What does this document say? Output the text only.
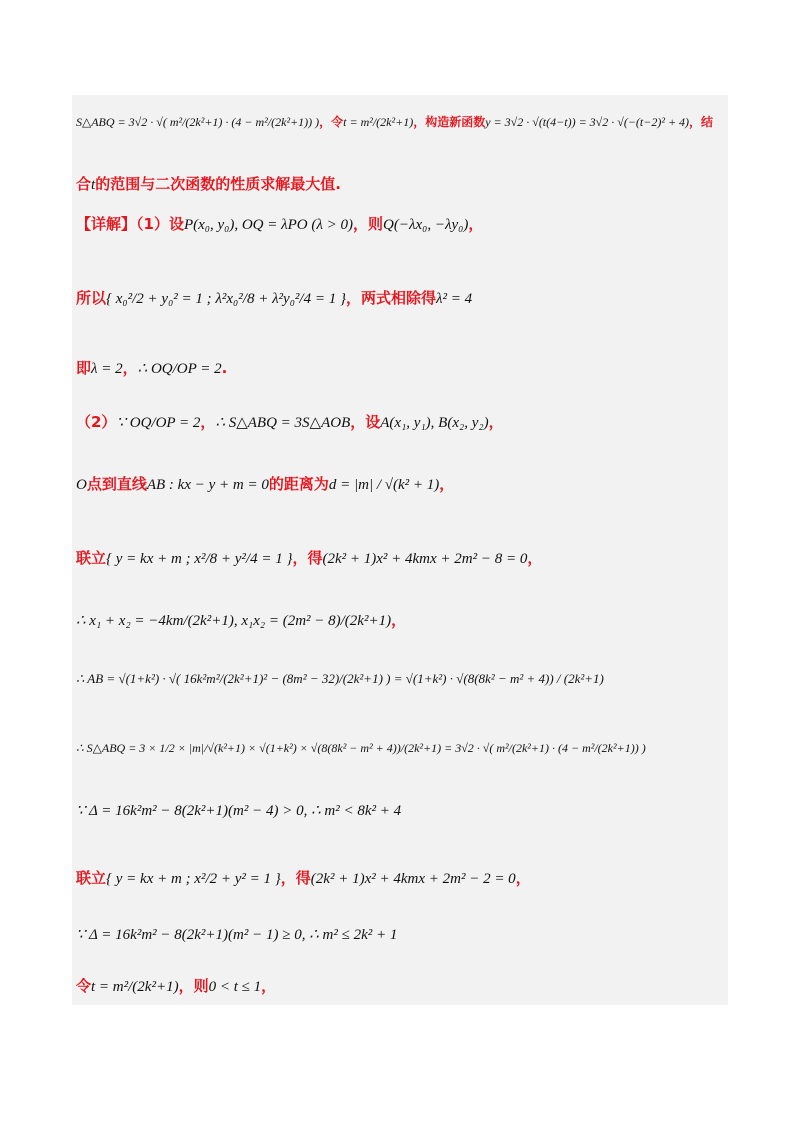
S△ABQ = 3√2 · √( m²/(2k²+1) · (4 − m²/(2k²+1)) )，令t = m²/(2k²+1)，构造新函数y = 3√2 · √(t(4−t)) = 3√2 · √(−(t−2)² + 4)，结
合t的范围与二次函数的性质求解最大值.
【详解】（1）设P(x₀, y₀), OQ = λPO (λ > 0)，则Q(−λx₀, −λy₀)，
所以{ x₀²/2 + y₀² = 1 ; λ²x₀²/8 + λ²y₀²/4 = 1 }，两式相除得λ² = 4
即λ = 2，∴ OQ/OP = 2.
（2）∵ OQ/OP = 2，∴ S△ABQ = 3S△AOB，设A(x₁, y₁), B(x₂, y₂)，
O点到直线AB : kx − y + m = 0的距离为d = |m| / √(k² + 1)，
联立{ y = kx + m ; x²/8 + y²/4 = 1 }，得(2k² + 1)x² + 4kmx + 2m² − 8 = 0，
∴ x₁ + x₂ = −4km/(2k²+1), x₁x₂ = (2m² − 8)/(2k²+1)，
∴ AB = √(1+k²) · √( 16k²m²/(2k²+1)² − (8m² − 32)/(2k²+1) ) = √(1+k²) · √(8(8k² − m² + 4)) / (2k²+1)
∴ S△ABQ = 3 × 1/2 × |m|/√(k²+1) × √(1+k²) × √(8(8k² − m² + 4))/(2k²+1) = 3√2 · √( m²/(2k²+1) · (4 − m²/(2k²+1)) )
∵ Δ = 16k²m² − 8(2k²+1)(m² − 4) > 0, ∴ m² < 8k² + 4
联立{ y = kx + m ; x²/2 + y² = 1 }，得(2k² + 1)x² + 4kmx + 2m² − 2 = 0，
∵ Δ = 16k²m² − 8(2k²+1)(m² − 1) ≥ 0, ∴ m² ≤ 2k² + 1
令t = m²/(2k²+1)，则0 < t ≤ 1，
